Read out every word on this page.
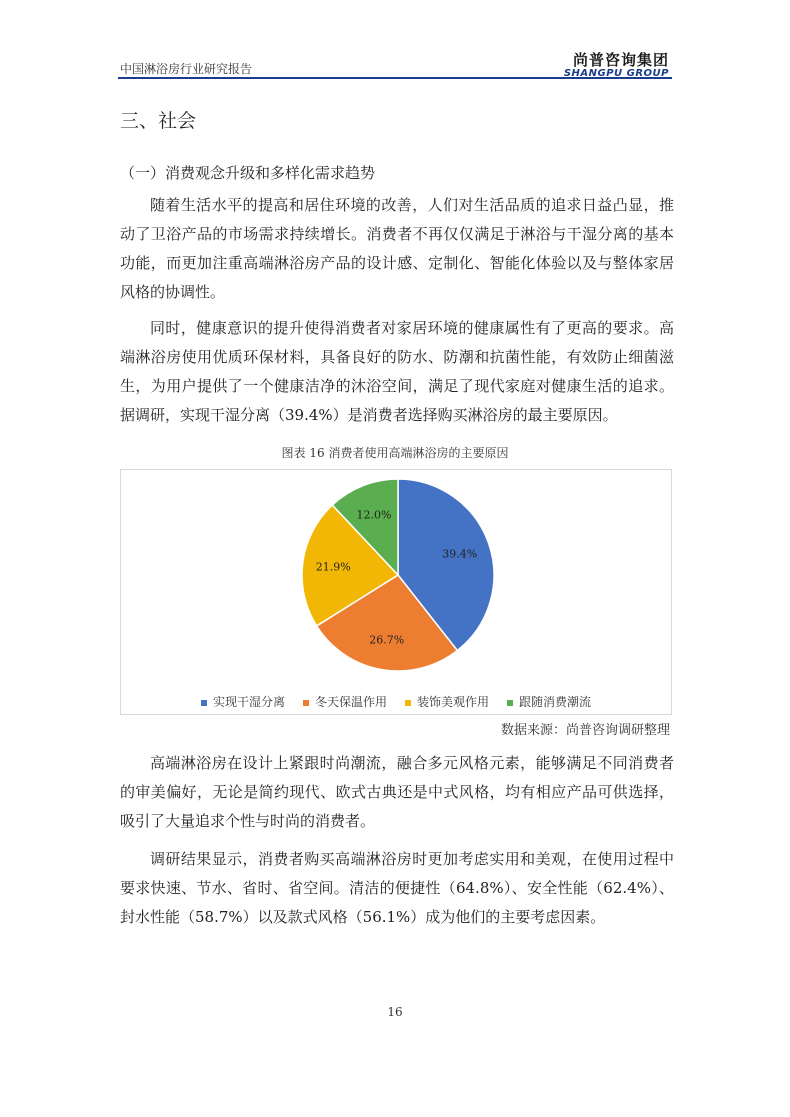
中国淋浴房行业研究报告	尚普咨询集团
SHANGPU GROUP
三、社会
（一）消费观念升级和多样化需求趋势

随着生活水平的提高和居住环境的改善，人们对生活品质的追求日益凸显，推动了卫浴产品的市场需求持续增长。消费者不再仅仅满足于淋浴与干湿分离的基本功能，而更加注重高端淋浴房产品的设计感、定制化、智能化体验以及与整体家居风格的协调性。

同时，健康意识的提升使得消费者对家居环境的健康属性有了更高的要求。高端淋浴房使用优质环保材料，具备良好的防水、防潮和抗菌性能，有效防止细菌滋生，为用户提供了一个健康洁净的沐浴空间，满足了现代家庭对健康生活的追求。据调研，实现干湿分离（39.4%）是消费者选择购买淋浴房的最主要原因。

图表 16 消费者使用高端淋浴房的主要原因
39.4%
26.7%
21.9%
12.0%
实现干湿分离	冬天保温作用	装饰美观作用	跟随消费潮流
数据来源：尚普咨询调研整理

高端淋浴房在设计上紧跟时尚潮流，融合多元风格元素，能够满足不同消费者的审美偏好，无论是简约现代、欧式古典还是中式风格，均有相应产品可供选择，吸引了大量追求个性与时尚的消费者。

调研结果显示，消费者购买高端淋浴房时更加考虑实用和美观，在使用过程中要求快速、节水、省时、省空间。清洁的便捷性（64.8%）、安全性能（62.4%）、封水性能（58.7%）以及款式风格（56.1%）成为他们的主要考虑因素。

16
